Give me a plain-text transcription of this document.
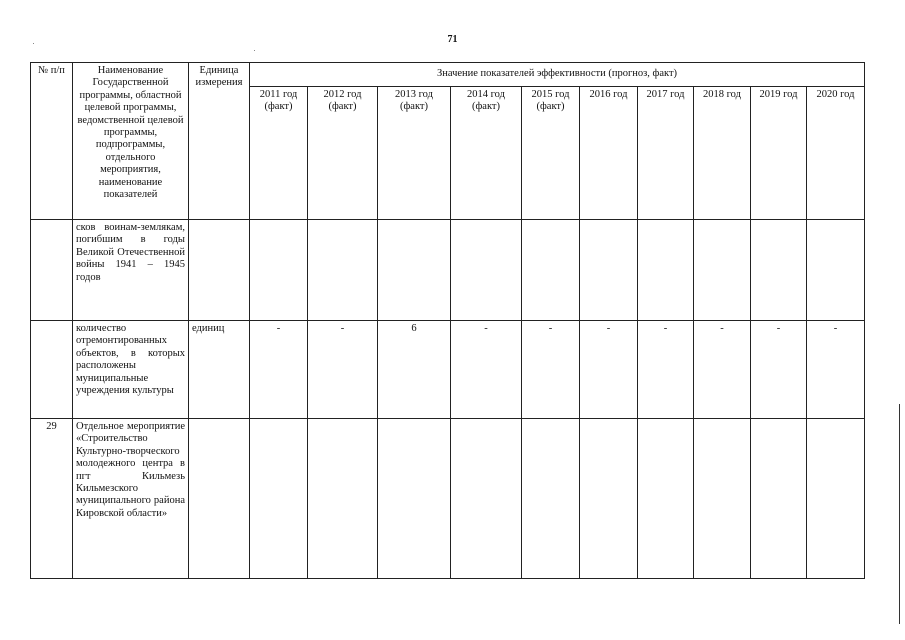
71
№ п/п	Наименование Государственной программы, областной целевой программы, ведомственной целевой программы, подпрограммы, отдельного мероприятия, наименование показателей	Единица измерения	Значение показателей эффективности (прогноз, факт)									
			2011 год (факт)	2012 год (факт)	2013 год (факт)	2014 год (факт)	2015 год (факт)	2016 год	2017 год	2018 год	2019 год	2020 год
	сков воинам-землякам, погибшим в годы Великой Отечественной войны 1941 – 1945 годов											
	количество отремонтированных объектов, в которых расположены муниципальные учреждения культуры	единиц	-	-	6	-	-	-	-	-	-	-
29	Отдельное мероприятие «Строительство Культурно-творческого молодежного центра в пгт Кильмезь Кильмезского муниципального района Кировской области»											
